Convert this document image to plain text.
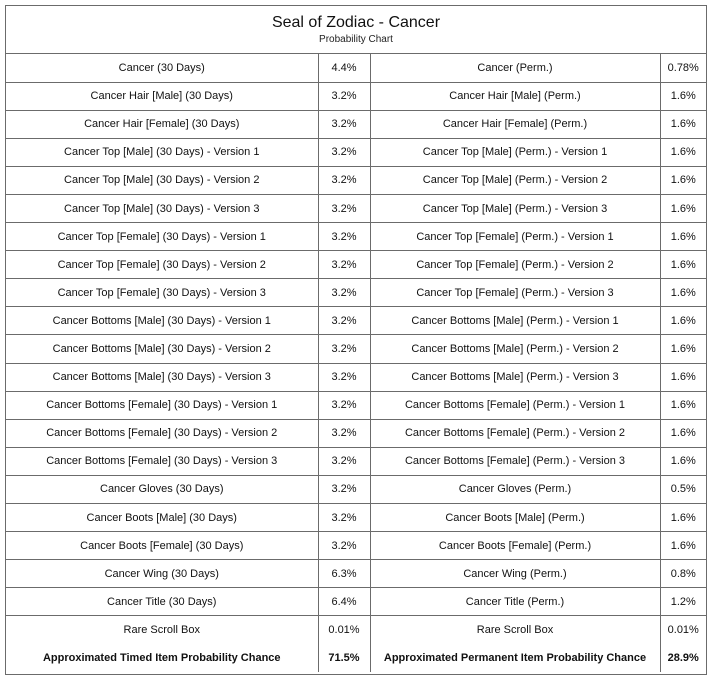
Seal of Zodiac - Cancer
Probability Chart
Cancer (30 Days)	4.4%	Cancer (Perm.)	0.78%
Cancer Hair [Male] (30 Days)	3.2%	Cancer Hair [Male] (Perm.)	1.6%
Cancer Hair [Female] (30 Days)	3.2%	Cancer Hair [Female] (Perm.)	1.6%
Cancer Top [Male] (30 Days) - Version 1	3.2%	Cancer Top [Male] (Perm.) - Version 1	1.6%
Cancer Top [Male] (30 Days) - Version 2	3.2%	Cancer Top [Male] (Perm.) - Version 2	1.6%
Cancer Top [Male] (30 Days) - Version 3	3.2%	Cancer Top [Male] (Perm.) - Version 3	1.6%
Cancer Top [Female] (30 Days) - Version 1	3.2%	Cancer Top [Female] (Perm.) - Version 1	1.6%
Cancer Top [Female] (30 Days) - Version 2	3.2%	Cancer Top [Female] (Perm.) - Version 2	1.6%
Cancer Top [Female] (30 Days) - Version 3	3.2%	Cancer Top [Female] (Perm.) - Version 3	1.6%
Cancer Bottoms [Male] (30 Days) - Version 1	3.2%	Cancer Bottoms [Male] (Perm.) - Version 1	1.6%
Cancer Bottoms [Male] (30 Days) - Version 2	3.2%	Cancer Bottoms [Male] (Perm.) - Version 2	1.6%
Cancer Bottoms [Male] (30 Days) - Version 3	3.2%	Cancer Bottoms [Male] (Perm.) - Version 3	1.6%
Cancer Bottoms [Female] (30 Days) - Version 1	3.2%	Cancer Bottoms [Female] (Perm.) - Version 1	1.6%
Cancer Bottoms [Female] (30 Days) - Version 2	3.2%	Cancer Bottoms [Female] (Perm.) - Version 2	1.6%
Cancer Bottoms [Female] (30 Days) - Version 3	3.2%	Cancer Bottoms [Female] (Perm.) - Version 3	1.6%
Cancer Gloves (30 Days)	3.2%	Cancer Gloves (Perm.)	0.5%
Cancer Boots [Male] (30 Days)	3.2%	Cancer Boots [Male] (Perm.)	1.6%
Cancer Boots [Female] (30 Days)	3.2%	Cancer Boots [Female] (Perm.)	1.6%
Cancer Wing (30 Days)	6.3%	Cancer Wing (Perm.)	0.8%
Cancer Title (30 Days)	6.4%	Cancer Title (Perm.)	1.2%
Rare Scroll Box	0.01%	Rare Scroll Box	0.01%
Approximated Timed Item Probability Chance	71.5%	Approximated Permanent Item Probability Chance	28.9%
